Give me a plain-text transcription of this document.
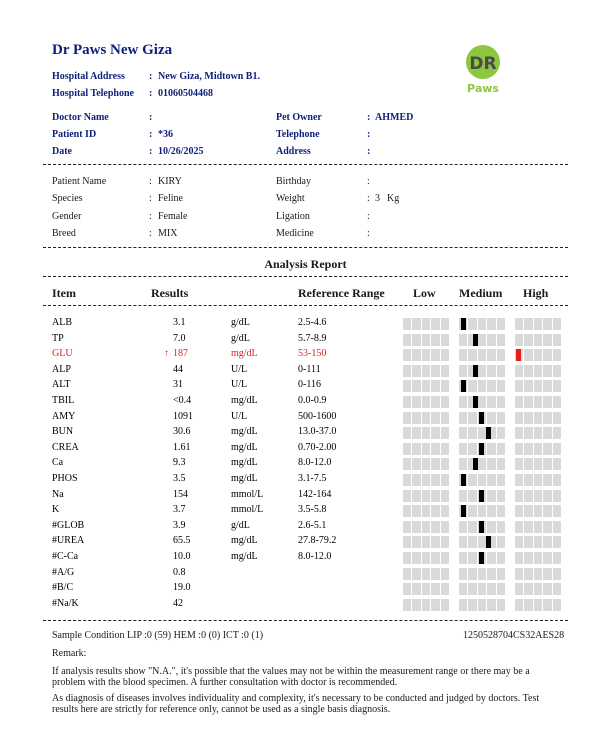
Dr Paws New Giza
Hospital Address : New Giza, Midtown B1.
Hospital Telephone : 01060504468
DR
Paws
Doctor Name	:
Patient ID	: *36
Date	: 10/26/2025
Pet Owner	: AHMED
Telephone	:
Address	:
Patient Name	: KIRY
Species	: Feline
Gender	: Female
Breed	: MIX
Birthday	:
Weight	: 3 Kg
Ligation	:
Medicine	:
Analysis Report
Item	Results	Reference Range Low Medium High
ALB	3.1	g/dL	2.5-4.6
TP	7.0	g/dL	5.7-8.9
GLU	↑ 187	mg/dL	53-150
ALP	44	U/L	0-111
ALT	31	U/L	0-116
TBIL	<0.4	mg/dL	0.0-0.9
AMY	1091	U/L	500-1600
BUN	30.6	mg/dL	13.0-37.0
CREA	1.61	mg/dL	0.70-2.00
Ca	9.3	mg/dL	8.0-12.0
PHOS	3.5	mg/dL	3.1-7.5
Na	154	mmol/L	142-164
K	3.7	mmol/L	3.5-5.8
#GLOB	3.9	g/dL	2.6-5.1
#UREA	65.5	mg/dL	27.8-79.2
#C-Ca	10.0	mg/dL	8.0-12.0
#A/G	0.8
#B/C	19.0
#Na/K	42
Sample Condition LIP :0 (59) HEM :0 (0) ICT :0 (1)	1250528704CS32AES28
Remark:
If analysis results show "N.A.", it's possible that the values may not be within the measurement range or there may be a
problem with the blood specimen. A further consultation with doctor is recommended.
As diagnosis of diseases involves individuality and complexity, it's necessary to be conducted and judged by doctors. Test
results here are strictly for reference only, cannot be used as a single basis diagnosis.
